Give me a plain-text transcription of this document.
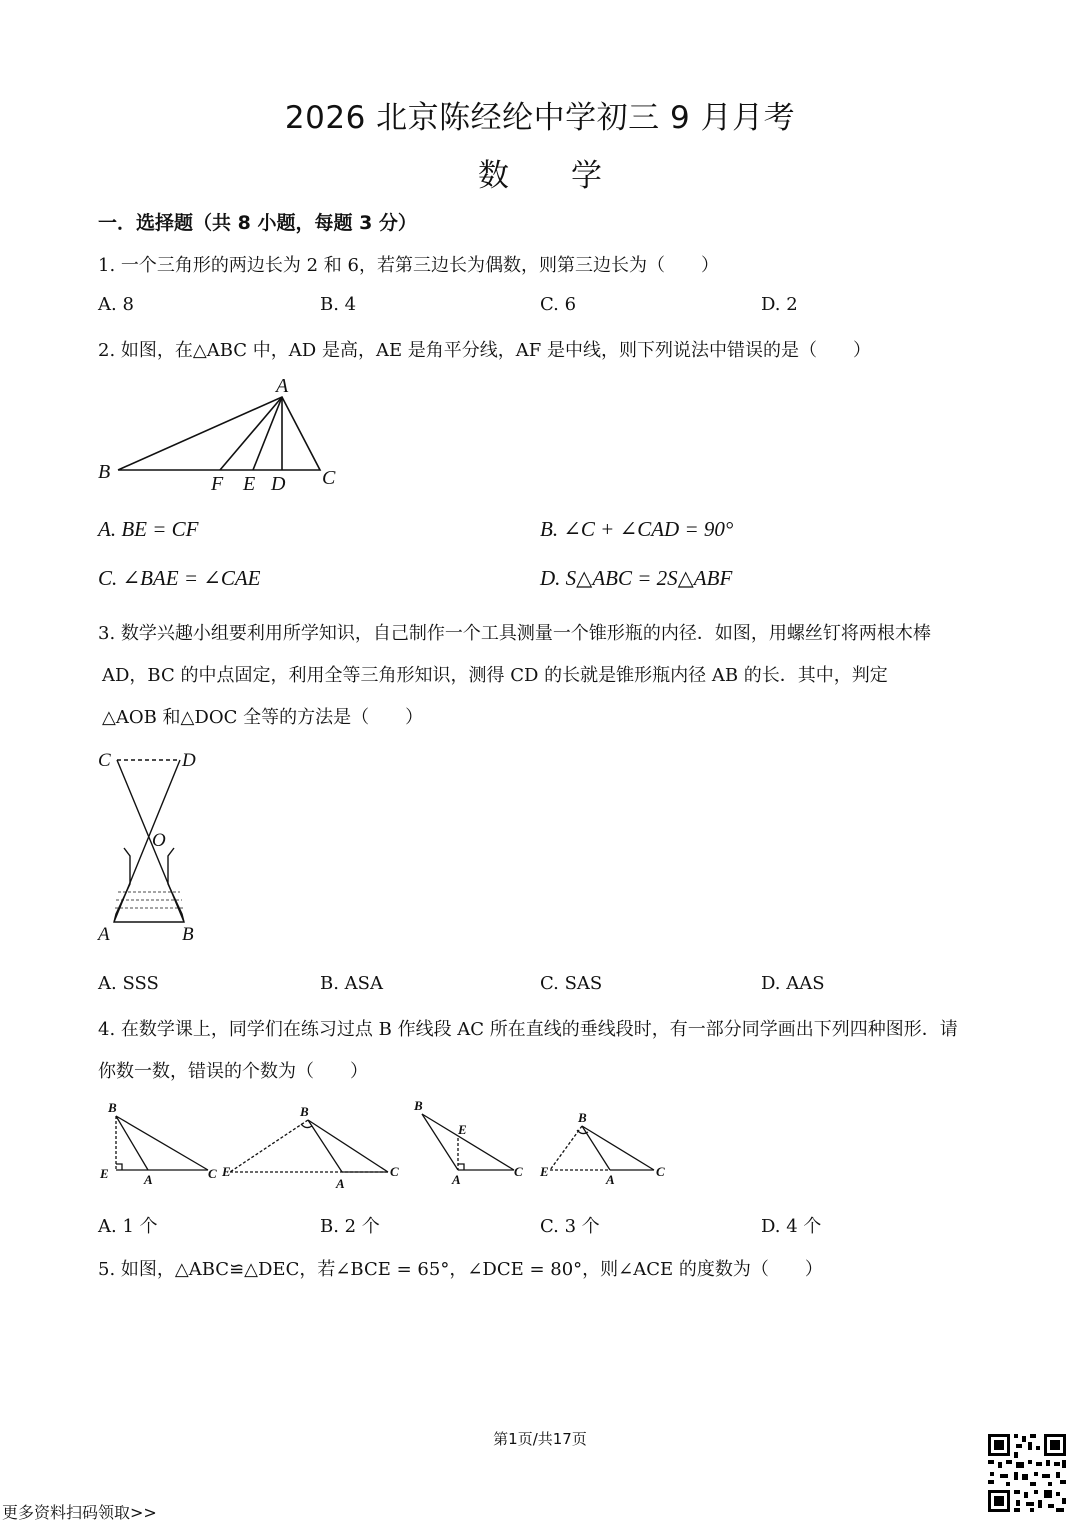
2026 北京陈经纶中学初三 9 月月考
数　　学
一．选择题（共 8 小题，每题 3 分）
1. 一个三角形的两边长为 2 和 6，若第三边长为偶数，则第三边长为（　　）
A. 8	B. 4	C. 6	D. 2
2. 如图，在△ABC 中，AD 是高，AE 是角平分线，AF 是中线，则下列说法中错误的是（　　）
A
B	C
F E D
A. BE = CF	B. ∠C + ∠CAD = 90°
C. ∠BAE = ∠CAE	D. S△ABC = 2S△ABF
3. 数学兴趣小组要利用所学知识，自己制作一个工具测量一个锥形瓶的内径．如图，用螺丝钉将两根木棒
AD，BC 的中点固定，利用全等三角形知识，测得 CD 的长就是锥形瓶内径 AB 的长．其中，判定
△AOB 和△DOC 全等的方法是（　　）
C	D
O
A	B
A. SSS	B. ASA	C. SAS	D. AAS
4. 在数学课上，同学们在练习过点 B 作线段 AC 所在直线的垂线段时，有一部分同学画出下列四种图形．请
你数一数，错误的个数为（　　）
B
E	A	C
B
E
A
C
B
E
A
C
B
E
A
C
A. 1 个	B. 2 个	C. 3 个	D. 4 个
5. 如图，△ABC≌△DEC，若∠BCE = 65°，∠DCE = 80°，则∠ACE 的度数为（　　）
第1页/共17页
更多资料扫码领取>>
